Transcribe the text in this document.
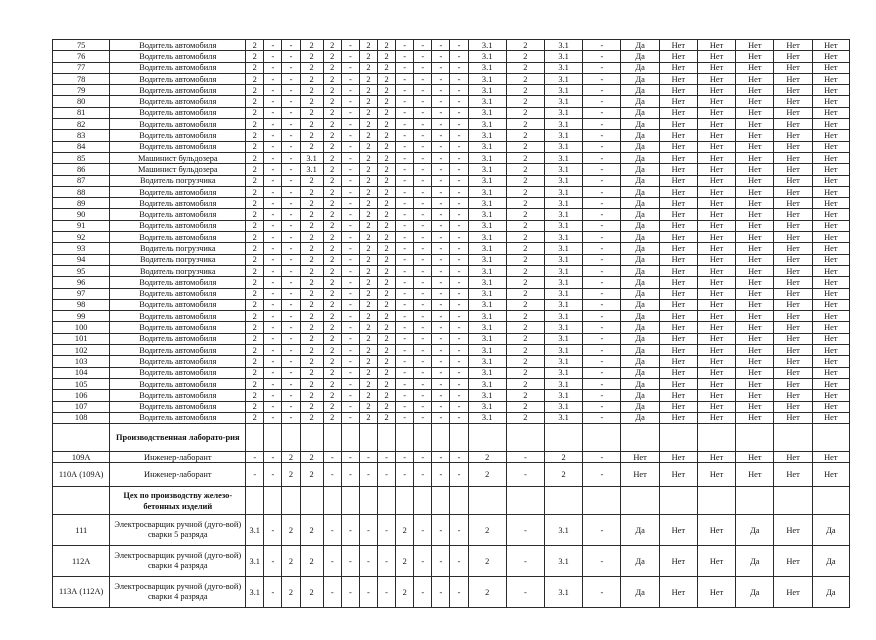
75	Водитель автомобиля	2	-	-	2	2	-	2	2	-	-	-	-	3.1	2	3.1	-	Да	Нет	Нет	Нет	Нет	Нет
76	Водитель автомобиля	2	-	-	2	2	-	2	2	-	-	-	-	3.1	2	3.1	-	Да	Нет	Нет	Нет	Нет	Нет
77	Водитель автомобиля	2	-	-	2	2	-	2	2	-	-	-	-	3.1	2	3.1	-	Да	Нет	Нет	Нет	Нет	Нет
78	Водитель автомобиля	2	-	-	2	2	-	2	2	-	-	-	-	3.1	2	3.1	-	Да	Нет	Нет	Нет	Нет	Нет
79	Водитель автомобиля	2	-	-	2	2	-	2	2	-	-	-	-	3.1	2	3.1	-	Да	Нет	Нет	Нет	Нет	Нет
80	Водитель автомобиля	2	-	-	2	2	-	2	2	-	-	-	-	3.1	2	3.1	-	Да	Нет	Нет	Нет	Нет	Нет
81	Водитель автомобиля	2	-	-	2	2	-	2	2	-	-	-	-	3.1	2	3.1	-	Да	Нет	Нет	Нет	Нет	Нет
82	Водитель автомобиля	2	-	-	2	2	-	2	2	-	-	-	-	3.1	2	3.1	-	Да	Нет	Нет	Нет	Нет	Нет
83	Водитель автомобиля	2	-	-	2	2	-	2	2	-	-	-	-	3.1	2	3.1	-	Да	Нет	Нет	Нет	Нет	Нет
84	Водитель автомобиля	2	-	-	2	2	-	2	2	-	-	-	-	3.1	2	3.1	-	Да	Нет	Нет	Нет	Нет	Нет
85	Машинист бульдозера	2	-	-	3.1	2	-	2	2	-	-	-	-	3.1	2	3.1	-	Да	Нет	Нет	Нет	Нет	Нет
86	Машинист бульдозера	2	-	-	3.1	2	-	2	2	-	-	-	-	3.1	2	3.1	-	Да	Нет	Нет	Нет	Нет	Нет
87	Водитель погрузчика	2	-	-	2	2	-	2	2	-	-	-	-	3.1	2	3.1	-	Да	Нет	Нет	Нет	Нет	Нет
88	Водитель автомобиля	2	-	-	2	2	-	2	2	-	-	-	-	3.1	2	3.1	-	Да	Нет	Нет	Нет	Нет	Нет
89	Водитель автомобиля	2	-	-	2	2	-	2	2	-	-	-	-	3.1	2	3.1	-	Да	Нет	Нет	Нет	Нет	Нет
90	Водитель автомобиля	2	-	-	2	2	-	2	2	-	-	-	-	3.1	2	3.1	-	Да	Нет	Нет	Нет	Нет	Нет
91	Водитель автомобиля	2	-	-	2	2	-	2	2	-	-	-	-	3.1	2	3.1	-	Да	Нет	Нет	Нет	Нет	Нет
92	Водитель автомобиля	2	-	-	2	2	-	2	2	-	-	-	-	3.1	2	3.1	-	Да	Нет	Нет	Нет	Нет	Нет
93	Водитель погрузчика	2	-	-	2	2	-	2	2	-	-	-	-	3.1	2	3.1	-	Да	Нет	Нет	Нет	Нет	Нет
94	Водитель погрузчика	2	-	-	2	2	-	2	2	-	-	-	-	3.1	2	3.1	-	Да	Нет	Нет	Нет	Нет	Нет
95	Водитель погрузчика	2	-	-	2	2	-	2	2	-	-	-	-	3.1	2	3.1	-	Да	Нет	Нет	Нет	Нет	Нет
96	Водитель автомобиля	2	-	-	2	2	-	2	2	-	-	-	-	3.1	2	3.1	-	Да	Нет	Нет	Нет	Нет	Нет
97	Водитель автомобиля	2	-	-	2	2	-	2	2	-	-	-	-	3.1	2	3.1	-	Да	Нет	Нет	Нет	Нет	Нет
98	Водитель автомобиля	2	-	-	2	2	-	2	2	-	-	-	-	3.1	2	3.1	-	Да	Нет	Нет	Нет	Нет	Нет
99	Водитель автомобиля	2	-	-	2	2	-	2	2	-	-	-	-	3.1	2	3.1	-	Да	Нет	Нет	Нет	Нет	Нет
100	Водитель автомобиля	2	-	-	2	2	-	2	2	-	-	-	-	3.1	2	3.1	-	Да	Нет	Нет	Нет	Нет	Нет
101	Водитель автомобиля	2	-	-	2	2	-	2	2	-	-	-	-	3.1	2	3.1	-	Да	Нет	Нет	Нет	Нет	Нет
102	Водитель автомобиля	2	-	-	2	2	-	2	2	-	-	-	-	3.1	2	3.1	-	Да	Нет	Нет	Нет	Нет	Нет
103	Водитель автомобиля	2	-	-	2	2	-	2	2	-	-	-	-	3.1	2	3.1	-	Да	Нет	Нет	Нет	Нет	Нет
104	Водитель автомобиля	2	-	-	2	2	-	2	2	-	-	-	-	3.1	2	3.1	-	Да	Нет	Нет	Нет	Нет	Нет
105	Водитель автомобиля	2	-	-	2	2	-	2	2	-	-	-	-	3.1	2	3.1	-	Да	Нет	Нет	Нет	Нет	Нет
106	Водитель автомобиля	2	-	-	2	2	-	2	2	-	-	-	-	3.1	2	3.1	-	Да	Нет	Нет	Нет	Нет	Нет
107	Водитель автомобиля	2	-	-	2	2	-	2	2	-	-	-	-	3.1	2	3.1	-	Да	Нет	Нет	Нет	Нет	Нет
108	Водитель автомобиля	2	-	-	2	2	-	2	2	-	-	-	-	3.1	2	3.1	-	Да	Нет	Нет	Нет	Нет	Нет
	Производственная лаборато-рия																						
109А	Инженер-лаборант	-	-	2	2	-	-	-	-	-	-	-	-	2	-	2	-	Нет	Нет	Нет	Нет	Нет	Нет
110А (109А)	Инженер-лаборант	-	-	2	2	-	-	-	-	-	-	-	-	2	-	2	-	Нет	Нет	Нет	Нет	Нет	Нет
	Цех по производству железо-бетонных изделий																						
111	Электросварщик ручной (дуго-вой) сварки 5 разряда	3.1	-	2	2	-	-	-	-	2	-	-	-	2	-	3.1	-	Да	Нет	Нет	Да	Нет	Да
112А	Электросварщик ручной (дуго-вой) сварки 4 разряда	3.1	-	2	2	-	-	-	-	2	-	-	-	2	-	3.1	-	Да	Нет	Нет	Да	Нет	Да
113А (112А)	Электросварщик ручной (дуго-вой) сварки 4 разряда	3.1	-	2	2	-	-	-	-	2	-	-	-	2	-	3.1	-	Да	Нет	Нет	Да	Нет	Да
